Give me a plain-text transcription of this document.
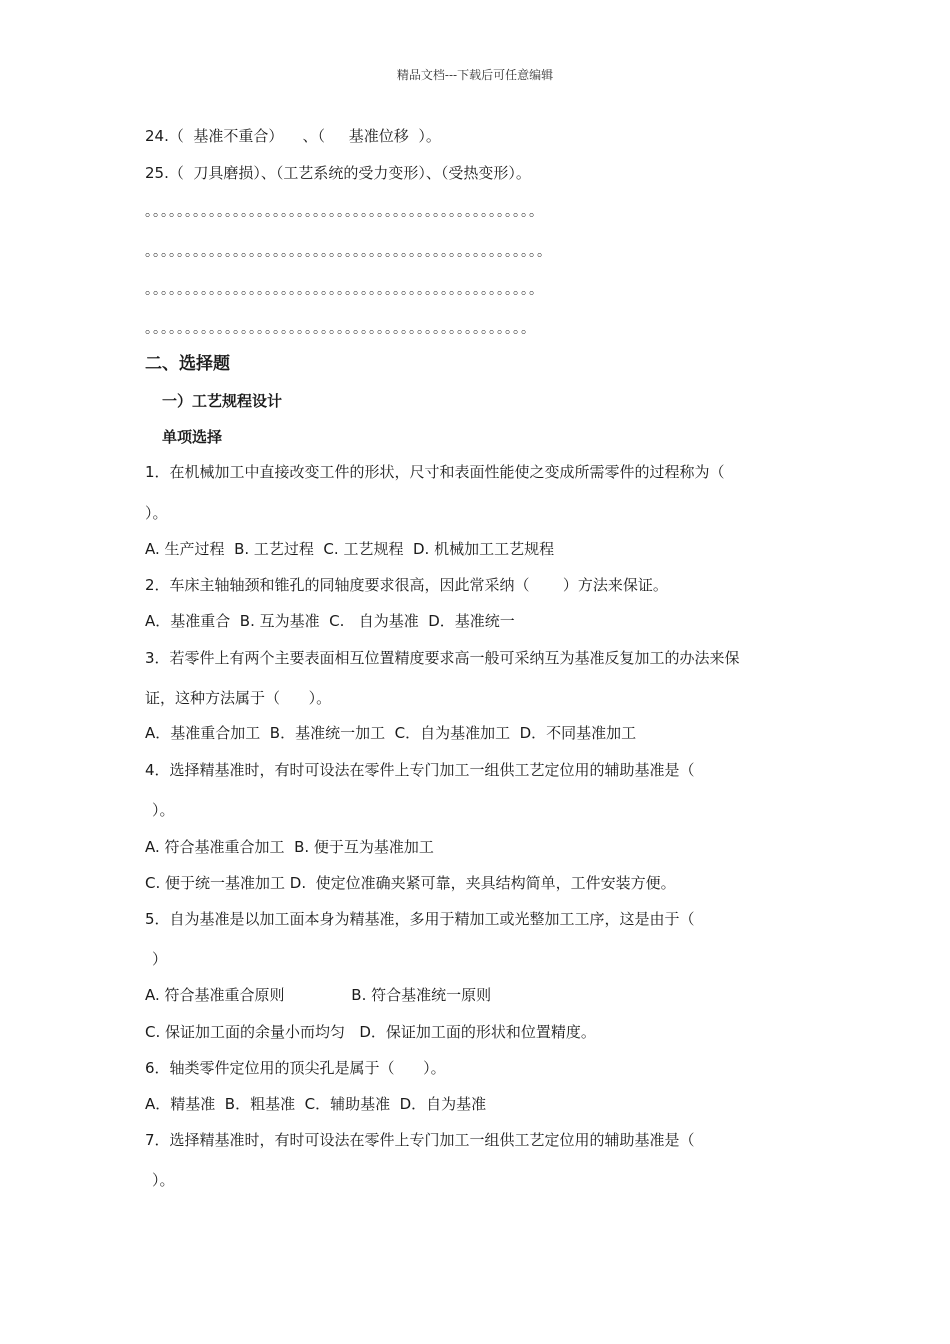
精品文档---下载后可任意编辑
24.（  基准不重合）    、（     基准位移  ）。
25.（  刀具磨损）、（工艺系统的受力变形）、（受热变形）。
。。。。。。。。。。。。。。。。。。。。。。。。。。。。。。。。。。。。。。。。。。。。。。。。。
。。。。。。。。。。。。。。。。。。。。。。。。。。。。。。。。。。。。。。。。。。。。。。。。。。
。。。。。。。。。。。。。。。。。。。。。。。。。。。。。。。。。。。。。。。。。。。。。。。。。
。。。。。。。。。。。。。。。。。。。。。。。。。。。。。。。。。。。。。。。。。。。。。。。。
二、选择题
一）工艺规程设计
单项选择
1．在机械加工中直接改变工件的形状，尺寸和表面性能使之变成所需零件的过程称为（
）。
A. 生产过程  B. 工艺过程  C. 工艺规程  D. 机械加工工艺规程
2．车床主轴轴颈和锥孔的同轴度要求很高，因此常采纳（       ）方法来保证。
A．基准重合  B. 互为基准  C.   自为基准  D．基准统一
3．若零件上有两个主要表面相互位置精度要求高一般可采纳互为基准反复加工的办法来保
证，这种方法属于（      ）。
A．基准重合加工  B．基准统一加工  C．自为基准加工  D．不同基准加工
4．选择精基准时，有时可设法在零件上专门加工一组供工艺定位用的辅助基准是（
）。
A. 符合基准重合加工  B. 便于互为基准加工
C. 便于统一基准加工 D.  使定位准确夹紧可靠，夹具结构简单，工件安装方便。
5．自为基准是以加工面本身为精基准，多用于精加工或光整加工工序，这是由于（
）
A. 符合基准重合原则              B. 符合基准统一原则
C. 保证加工面的余量小而均匀   D．保证加工面的形状和位置精度。
6．轴类零件定位用的顶尖孔是属于（      ）。
A．精基准  B．粗基准  C．辅助基准  D．自为基准
7．选择精基准时，有时可设法在零件上专门加工一组供工艺定位用的辅助基准是（
）。
